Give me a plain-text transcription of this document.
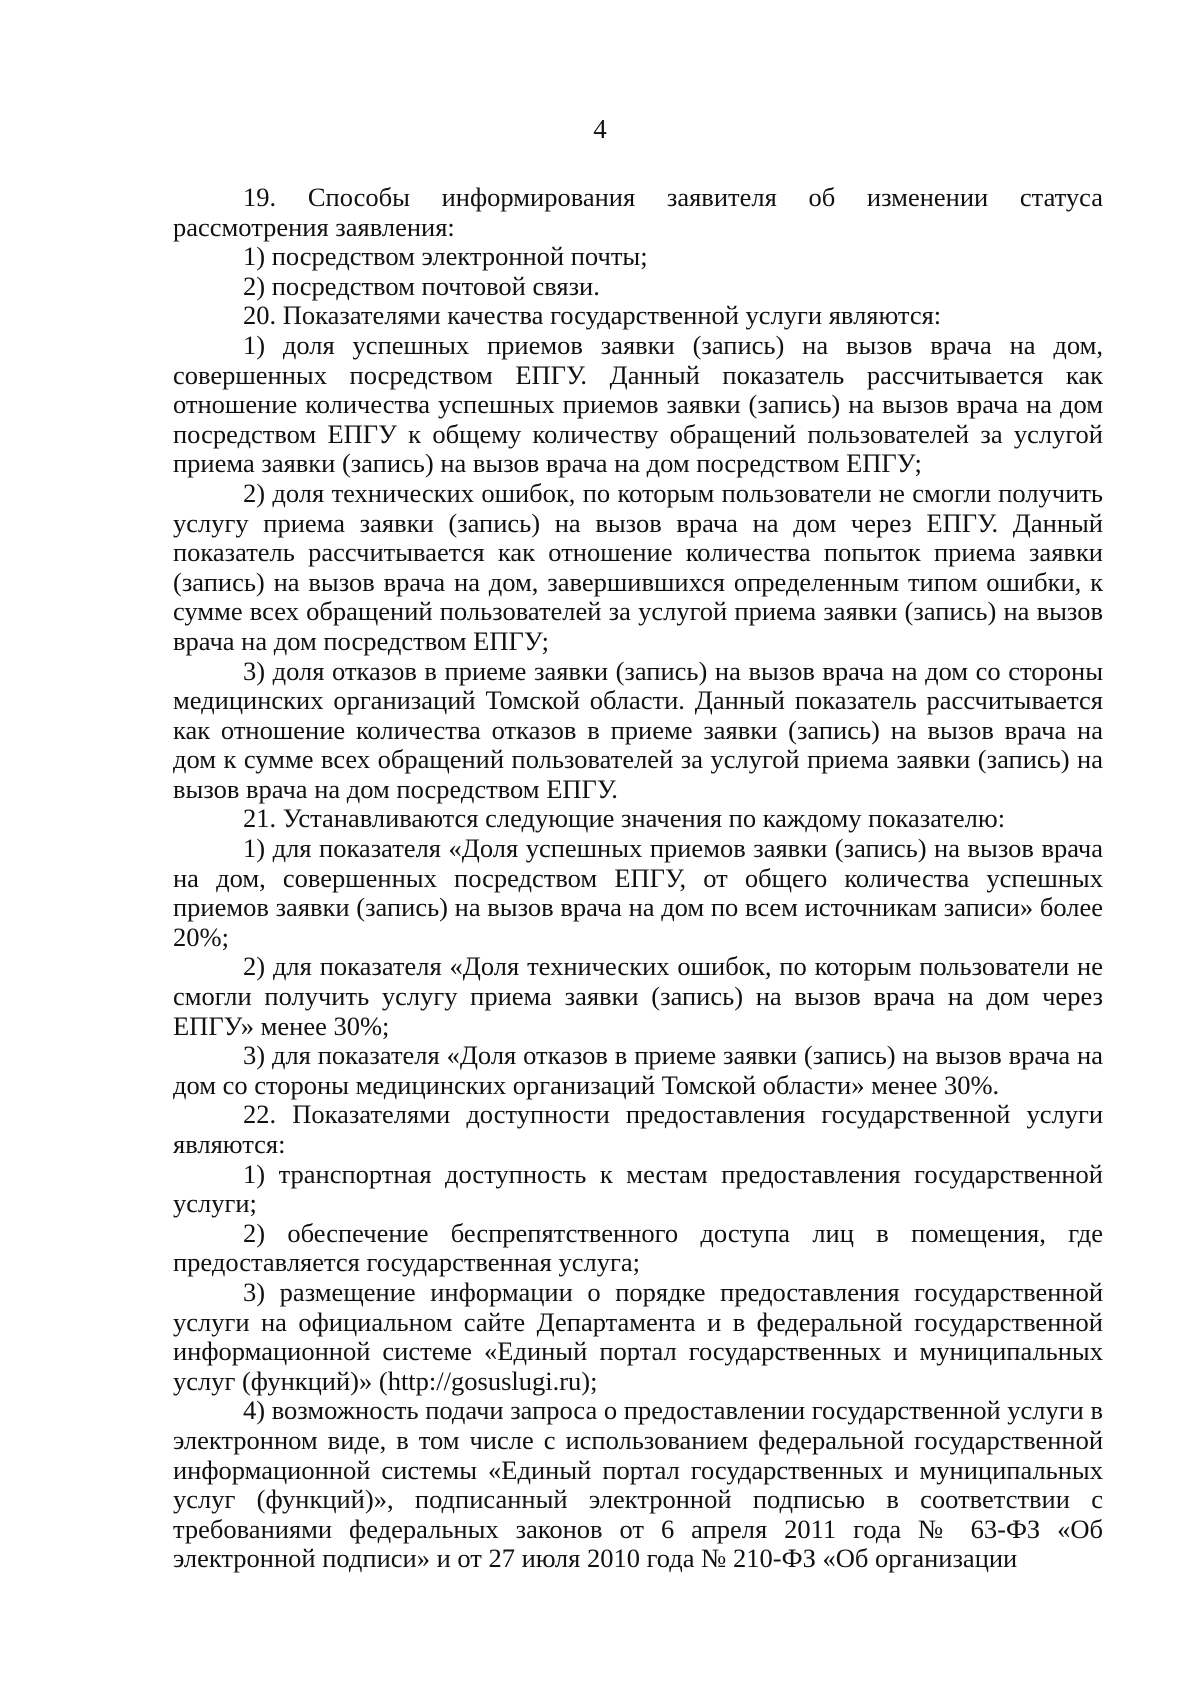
4

19. Способы информирования заявителя об изменении статуса рассмотрения заявления:

1) посредством электронной почты;

2) посредством почтовой связи.

20. Показателями качества государственной услуги являются:

1) доля успешных приемов заявки (запись) на вызов врача на дом, совершенных посредством ЕПГУ. Данный показатель рассчитывается как отношение количества успешных приемов заявки (запись) на вызов врача на дом посредством ЕПГУ к общему количеству обращений пользователей за услугой приема заявки (запись) на вызов врача на дом посредством ЕПГУ;

2) доля технических ошибок, по которым пользователи не смогли получить услугу приема заявки (запись) на вызов врача на дом через ЕПГУ. Данный показатель рассчитывается как отношение количества попыток приема заявки (запись) на вызов врача на дом, завершившихся определенным типом ошибки, к сумме всех обращений пользователей за услугой приема заявки (запись) на вызов врача на дом посредством ЕПГУ;

3) доля отказов в приеме заявки (запись) на вызов врача на дом со стороны медицинских организаций Томской области. Данный показатель рассчитывается как отношение количества отказов в приеме заявки (запись) на вызов врача на дом к сумме всех обращений пользователей за услугой приема заявки (запись) на вызов врача на дом посредством ЕПГУ.

21. Устанавливаются следующие значения по каждому показателю:

1) для показателя «Доля успешных приемов заявки (запись) на вызов врача на дом, совершенных посредством ЕПГУ, от общего количества успешных приемов заявки (запись) на вызов врача на дом по всем источникам записи» более 20%;

2) для показателя «Доля технических ошибок, по которым пользователи не смогли получить услугу приема заявки (запись) на вызов врача на дом через ЕПГУ» менее 30%;

3) для показателя «Доля отказов в приеме заявки (запись) на вызов врача на дом со стороны медицинских организаций Томской области» менее 30%.

22. Показателями доступности предоставления государственной услуги являются:

1) транспортная доступность к местам предоставления государственной услуги;

2) обеспечение беспрепятственного доступа лиц в помещения, где предоставляется государственная услуга;

3) размещение информации о порядке предоставления государственной услуги на официальном сайте Департамента и в федеральной государственной информационной системе «Единый портал государственных и муниципальных услуг (функций)» (http://gosuslugi.ru);

4) возможность подачи запроса о предоставлении государственной услуги в электронном виде, в том числе с использованием федеральной государственной информационной системы «Единый портал государственных и муниципальных услуг (функций)», подписанный электронной подписью в соответствии с требованиями федеральных законов от 6 апреля 2011 года № 63-ФЗ «Об электронной подписи» и от 27 июля 2010 года № 210-ФЗ «Об организации
